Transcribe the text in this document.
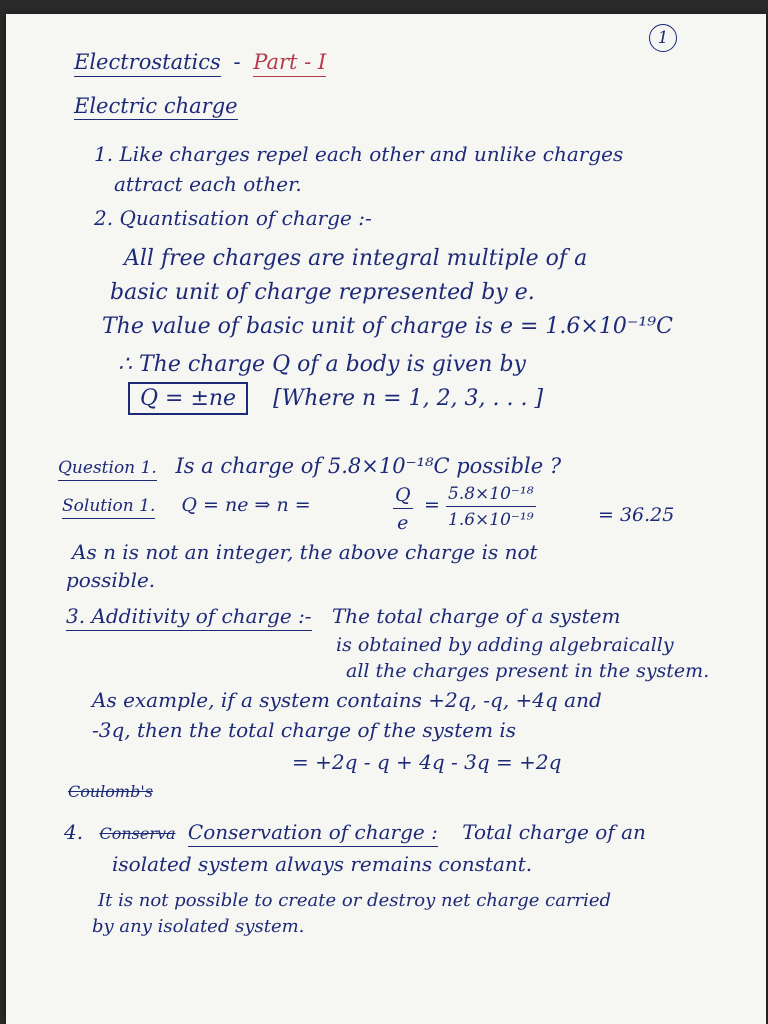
1
Electrostatics - Part - I
Electric charge
1. Like charges repel each other and unlike charges
attract each other.
2. Quantisation of charge :-
All free charges are integral multiple of a
basic unit of charge represented by e.
The value of basic unit of charge is e = 1.6×10⁻¹⁹C
∴ The charge Q of a body is given by
Q = ±ne [Where n = 1, 2, 3, . . . ]
Question 1. Is a charge of 5.8×10⁻¹⁸C possible ?
Solution 1. Q = ne ⇒ n =	$\frac{Q}{e} = \frac{\text{5.8×10⁻¹⁸}}{\text{1.6×10⁻¹⁹}}$	= 36.25
As n is not an integer, the above charge is not
possible.
3. Additivity of charge :- The total charge of a system
is obtained by adding algebraically
all the charges present in the system.
As example, if a system contains +2q, -q, +4q and
-3q, then the total charge of the system is
= +2q - q + 4q - 3q = +2q
Coulomb's
4. Conserva Conservation of charge : Total charge of an
isolated system always remains constant.
It is not possible to create or destroy net charge carried
by any isolated system.
